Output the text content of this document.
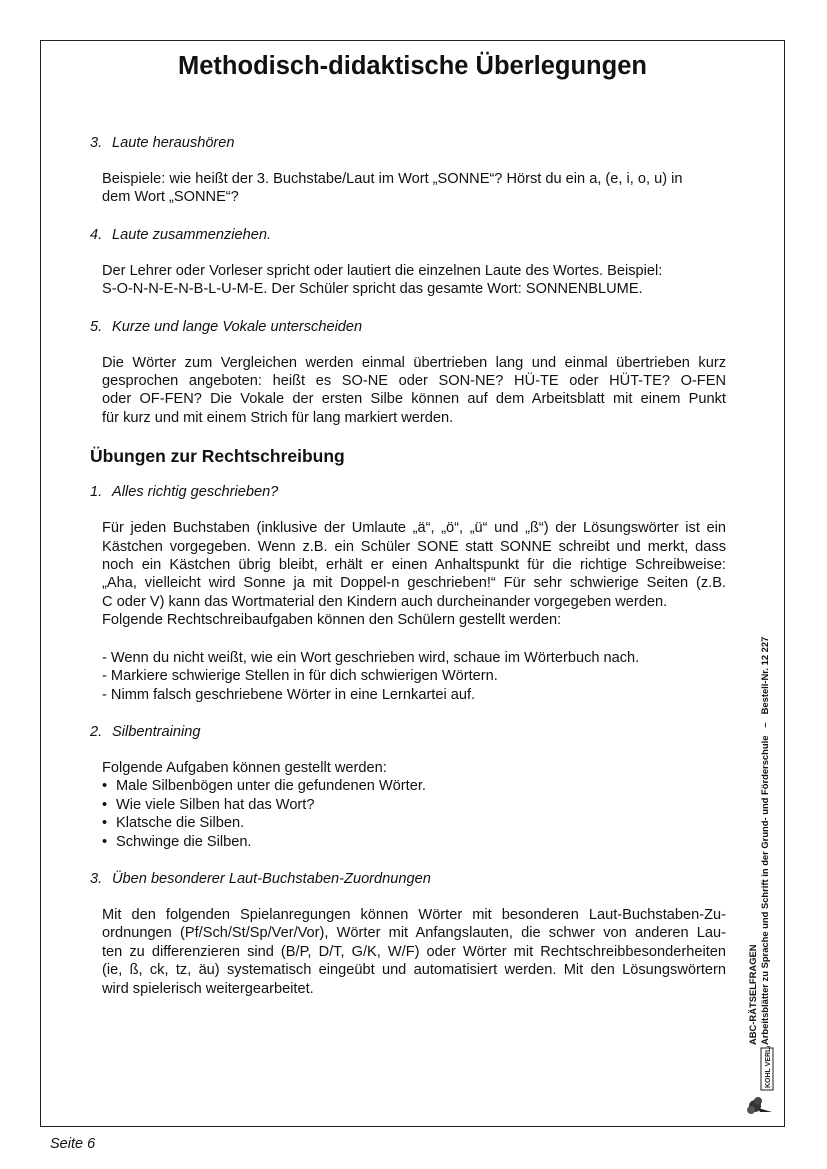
Methodisch-didaktische Überlegungen

3. Laute heraushören

Beispiele: wie heißt der 3. Buchstabe/Laut im Wort „SONNE“? Hörst du ein a, (e, i, o, u) in
dem Wort „SONNE“?

4. Laute zusammenziehen.

Der Lehrer oder Vorleser spricht oder lautiert die einzelnen Laute des Wortes. Beispiel:
S-O-N-N-E-N-B-L-U-M-E. Der Schüler spricht das gesamte Wort: SONNENBLUME.

5. Kurze und lange Vokale unterscheiden

Die Wörter zum Vergleichen werden einmal übertrieben lang und einmal übertrieben kurz
gesprochen angeboten: heißt es SO-NE oder SON-NE? HÜ-TE oder HÜT-TE? O-FEN
oder OF-FEN? Die Vokale der ersten Silbe können auf dem Arbeitsblatt mit einem Punkt
für kurz und mit einem Strich für lang markiert werden.
Übungen zur Rechtschreibung

1. Alles richtig geschrieben?

Für jeden Buchstaben (inklusive der Umlaute „ä“, „ö“, „ü“ und „ß“) der Lösungswörter ist ein
Kästchen vorgegeben. Wenn z.B. ein Schüler SONE statt SONNE schreibt und merkt, dass
noch ein Kästchen übrig bleibt, erhält er einen Anhaltspunkt für die richtige Schreibweise:
„Aha, vielleicht wird Sonne ja mit Doppel-n geschrieben!“ Für sehr schwierige Seiten (z.B.
C oder V) kann das Wortmaterial den Kindern auch durcheinander vorgegeben werden.
Folgende Rechtschreibaufgaben können den Schülern gestellt werden:
- Wenn du nicht weißt, wie ein Wort geschrieben wird, schaue im Wörterbuch nach.
- Markiere schwierige Stellen in für dich schwierigen Wörtern.
- Nimm falsch geschriebene Wörter in eine Lernkartei auf.

2. Silbentraining

Folgende Aufgaben können gestellt werden:
• Male Silbenbögen unter die gefundenen Wörter.
• Wie viele Silben hat das Wort?
• Klatsche die Silben.
• Schwinge die Silben.

3. Üben besonderer Laut-Buchstaben-Zuordnungen

Mit den folgenden Spielanregungen können Wörter mit besonderen Laut-Buchstaben-Zu-
ordnungen (Pf/Sch/St/Sp/Ver/Vor), Wörter mit Anfangslauten, die schwer von anderen Lau-
ten zu differenzieren sind (B/P, D/T, G/K, W/F) oder Wörter mit Rechtschreibbesonderheiten
(ie, ß, ck, tz, äu) systematisch eingeübt und automatisiert werden. Mit den Lösungswörtern
wird spielerisch weitergearbeitet.	ABC-RÄTSELFRAGEN Arbeitsblätter zu Sprache und Schrift in der Grund- und Förderschule–Bestell-Nr. 12 227
KOHL VERLAG

Seite 6
